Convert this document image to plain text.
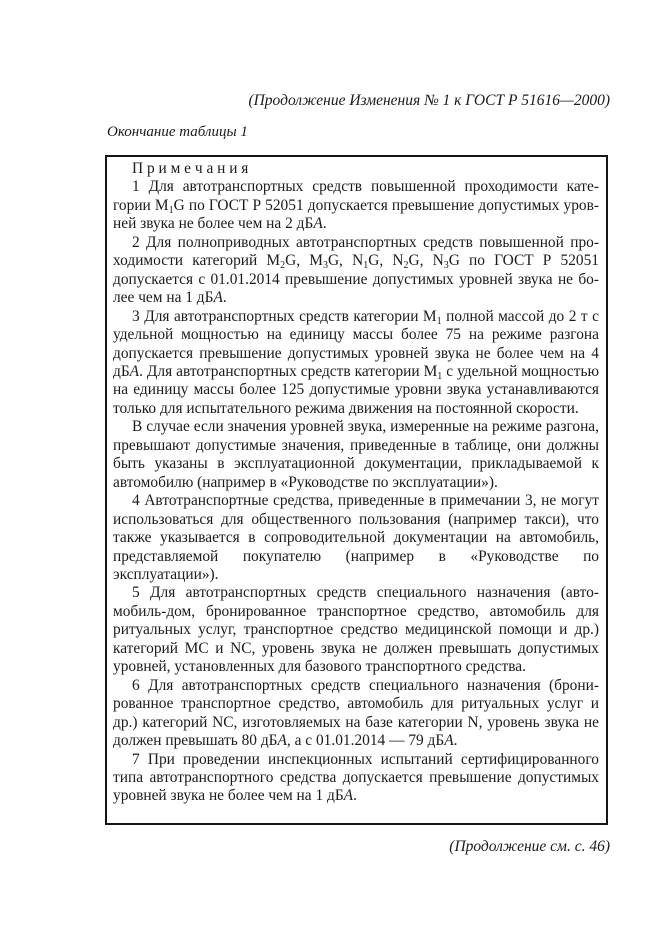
(Продолжение Изменения № 1 к ГОСТ Р 51616—2000)
Окончание таблицы 1

П р и м е ч а н и я

1 Для автотранспортных средств повышенной проходимости категории $M_1G$ по ГОСТ Р 52051 допускается превышение допустимых уровней звука не более чем на 2 дБА.

2 Для полноприводных автотранспортных средств повышенной проходимости категорий $M_2G$, $M_3G$, $N_1G$, $N_2G$, $N_3G$ по ГОСТ Р 52051 допускается с 01.01.2014 превышение допустимых уровней звука не более чем на 1 дБА.

3 Для автотранспортных средств категории $M_1$ полной массой до 2 т с удельной мощностью на единицу массы более 75 на режиме разгона допускается превышение допустимых уровней звука не более чем на 4 дБА. Для автотранспортных средств категории $M_1$ с удельной мощностью на единицу массы более 125 допустимые уровни звука устанавливаются только для испытательного режима движения на постоянной скорости.

В случае если значения уровней звука, измеренные на режиме разгона, превышают допустимые значения, приведенные в таблице, они должны быть указаны в эксплуатационной документации, прикладываемой к автомобилю (например в «Руководстве по эксплуатации»).

4 Автотранспортные средства, приведенные в примечании 3, не могут использоваться для общественного пользования (например такси), что также указывается в сопроводительной документации на автомобиль, представляемой покупателю (например в «Руководстве по эксплуатации»).

5 Для автотранспортных средств специального назначения (автомобиль-дом, бронированное транспортное средство, автомобиль для ритуальных услуг, транспортное средство медицинской помощи и др.) категорий МС и NC, уровень звука не должен превышать допустимых уровней, установленных для базового транспортного средства.

6 Для автотранспортных средств специального назначения (бронированное транспортное средство, автомобиль для ритуальных услуг и др.) категорий NC, изготовляемых на базе категории N, уровень звука не должен превышать 80 дБА, а с 01.01.2014 — 79 дБА.

7 При проведении инспекционных испытаний сертифицированного типа автотранспортного средства допускается превышение допустимых уровней звука не более чем на 1 дБА.

(Продолжение см. с. 46)
